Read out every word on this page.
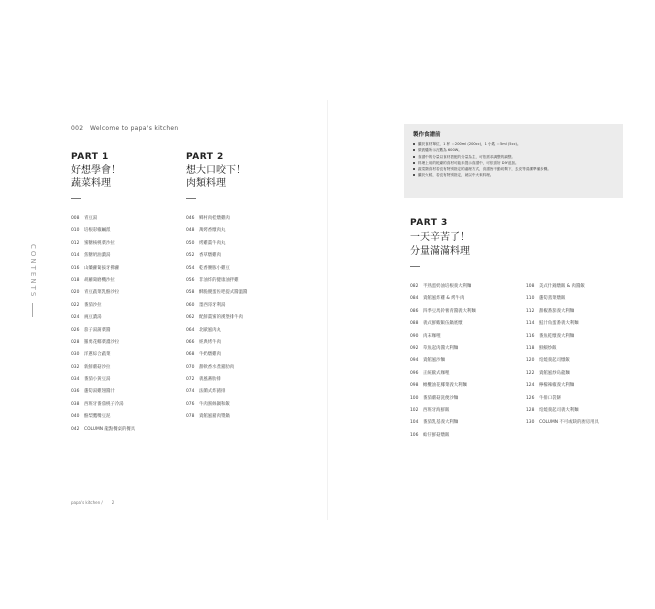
002 Welcome to papa's kitchen
CONTENTS
PART 1
好想學會！
蔬菜料理
008 青豆湯
010 培根彩椒鹹派
012 蜜糖核桃菜沙拉
014 焦糖奶油濃湯
016 山藥蘿蔔拔牙佛蘿
018 胡蘿蔔磨機沙拉
020 青豆蔬菜乳酪沙拉
022 番茄沙拉
024 豌豆濃湯
026 茄子湯蒲菜醬
028 羅勇花椰菜濃沙拉
030 洋蔥綜合蔬菜
032 新鮮蘑菇沙拉
034 番茄小黃豆湯
036 蘆筍湯雞翅醬汁
038 西班牙番茄桃子冷湯
040 酪梨鷹嘴豆泥
042 COLUMN 龍點餐桌的餐具
PART 2
想大口咬下！
肉類料理
046 鄉村肉桂燉雞肉
048 萬烤香燉肉丸
050 烤雞薑牛肉丸
052 香草燉雞肉
054 乾香腰豚小雞豆
056 非油炸的健康油拌雞
058 酥脆優蛋佐吧提式醬溫醬
060 墨西哥牙利湯
062 配鮮薑蜜的漢堡排牛肉
064 北歐風肉丸
066 經典烤牛肉
068 牛奶燉雞肉
070 甜軟香水煮豬肋肉
072 義風蕃肋排
074 法蘭式炸豬排
076 牛肉蜜絲鍋和飯
078 貴館風豬肉漿鍋
papa's kitchen / 2
製作食譜前
繼於食材單位，1 杯 ＝200ml (200cc)，1 小匙 ＝5ml (5cc)。
微波爐所示瓦數為 600W。
食譜中的分量以食材搭配的分量為主，可依需求調整的調整。
料理上用的乾燥的食材可能未提示食譜中，可依喜好 DIY追加。
蔬菜類食材若沒有特別指定的處理方式，食譜皆不動切剩下，去皮等清潔準備步驟。
繼於火候，若沒有特別指定，就以中火來料理。
PART 3
一天辛苦了！
分量滿滿料理
082 半熟蛋奶油培根義大利麵
084 貴館風炸雞 & 烤牛肉
086 四季豆馬鈴薯青醬義大利麵
088 義式鮮蝦飯伍鍋底燉
090 肉末咖哩
092 草魚起肉醬大利麵
094 貴館風沙麵
096 正統歐式咖哩
098 橄欖油花椰菜義大利麵
100 番茄蘑菇洗便沙麵
102 西班牙海鮮飯
104 番茄乳基義大利麵
106 蛤仔鮮菇燉飯
108 美式什錦燉飯 & 肉醬飯
110 蘆筍蒸菜燉飯
112 甜椒番茄義大利麵
114 鮭汁角蛋番義大利麵
116 番魚乾燉義大利麵
118 鮮鰕炒飯
120 焙燒義起司燉飯
122 貴館風炒烏龍麵
124 檸檬辣椒義大利麵
126 牛排口袋餅
128 焙燒義起司義大利麵
130 COLUMN 不可或缺的廚房用具
